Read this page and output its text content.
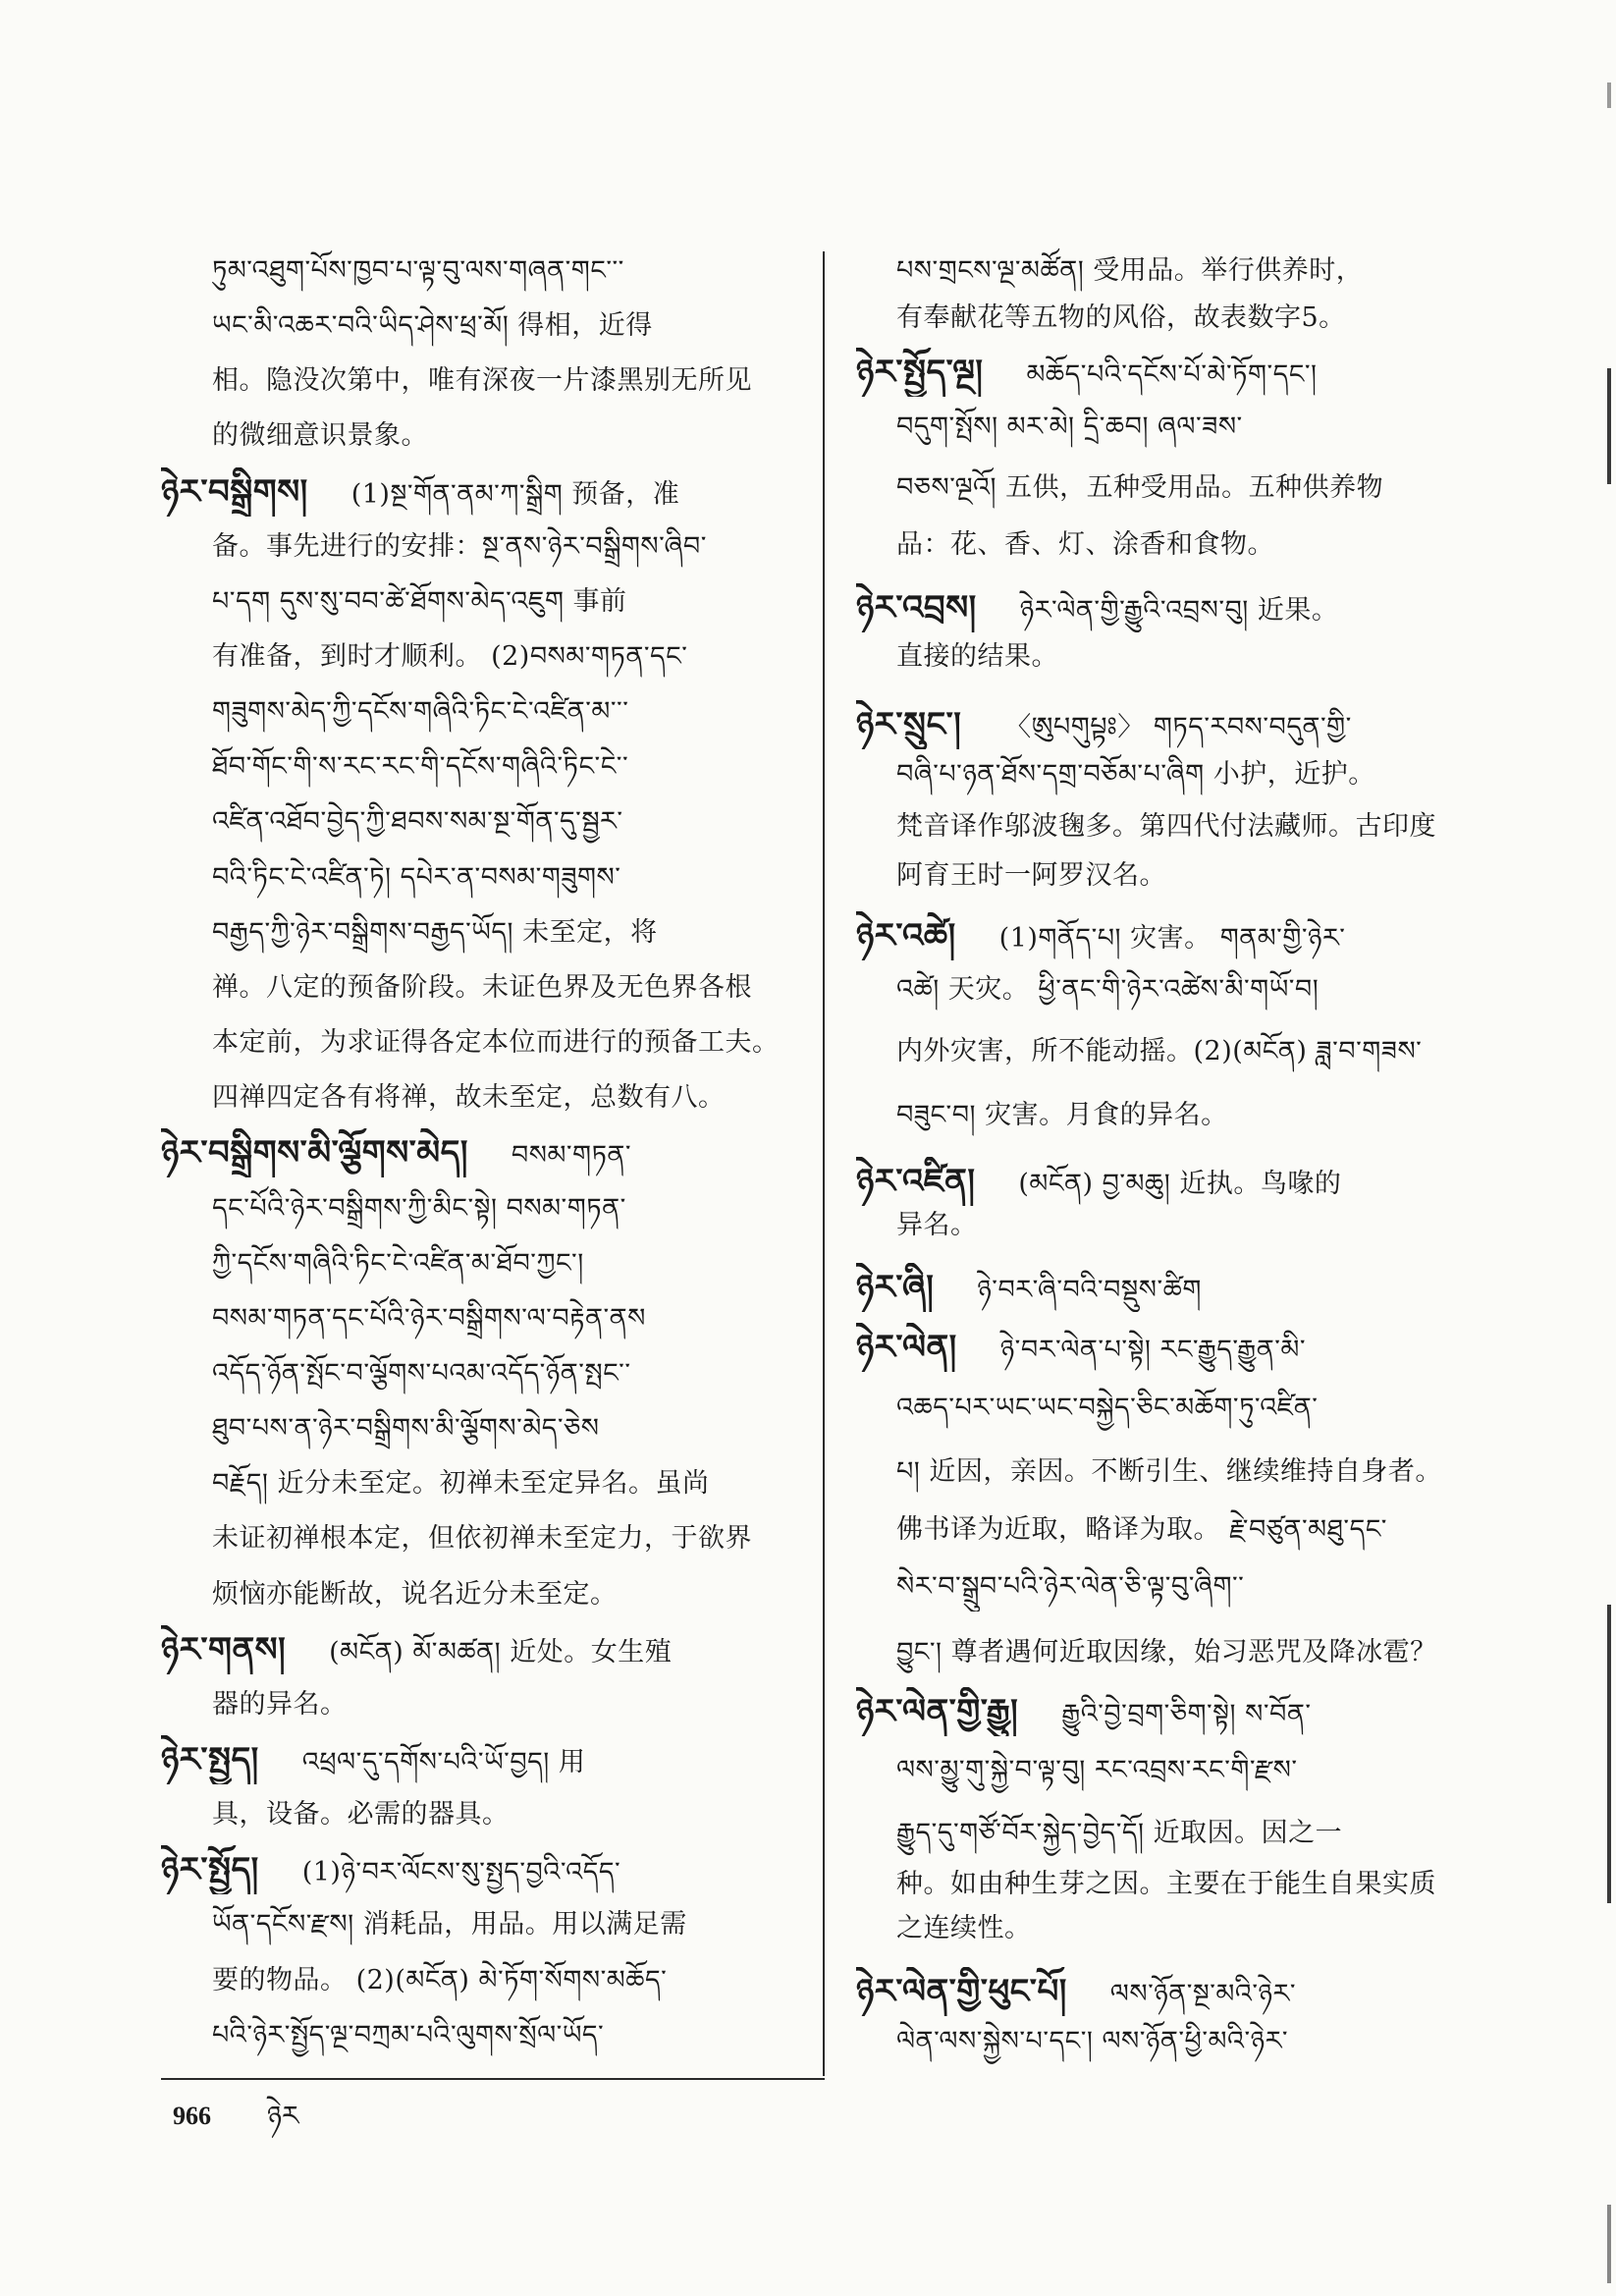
ཏུམ་འཐུག་པོས་ཁྱབ་པ་ལྟ་བུ་ལས་གཞན་གང་་་
ཡང་མི་འཆར་བའི་ཡིད་ཤེས་ཕྲ་མོ། 得相，近得
相。隐没次第中，唯有深夜一片漆黑别无所见
的微细意识景象。
ཉེར་བསྒྲིགས། (1)སྔ་གོན་ནམ་ཀ་སྒྲིག 预备，准
备。事先进行的安排：སྔ་ནས་ཉེར་བསྒྲིགས་ཞིབ་
པ་དག དུས་སུ་བབ་ཚེ་ཐོགས་མེད་འཇུག 事前
有准备，到时才顺利。 (2)བསམ་གཏན་དང་
གཟུགས་མེད་ཀྱི་དངོས་གཞིའི་ཏིང་ངེ་འཛིན་མ་་་
ཐོབ་གོང་གི་ས་རང་རང་གི་དངོས་གཞིའི་ཏིང་ངེ་་
འཛིན་འཐོབ་བྱེད་ཀྱི་ཐབས་སམ་སྔ་གོན་དུ་སྦྱར་
བའི་ཏིང་ངེ་འཛིན་ཏེ། དཔེར་ན་བསམ་གཟུགས་
བརྒྱད་ཀྱི་ཉེར་བསྒྲིགས་བརྒྱད་ཡོད། 未至定，将
禅。八定的预备阶段。未证色界及无色界各根
本定前，为求证得各定本位而进行的预备工夫。
四禅四定各有将禅，故未至定，总数有八。
ཉེར་བསྒྲིགས་མི་ལྕོགས་མེད། བསམ་གཏན་
དང་པོའི་ཉེར་བསྒྲིགས་ཀྱི་མིང་སྟེ། བསམ་གཏན་
ཀྱི་དངོས་གཞིའི་ཏིང་ངེ་འཛིན་མ་ཐོབ་ཀྱང་།
བསམ་གཏན་དང་པོའི་ཉེར་བསྒྲིགས་ལ་བརྟེན་ནས
འདོད་ཉོན་སྤོང་བ་ལྕོགས་པའམ་འདོད་ཉོན་སྤང་་
ཐུབ་པས་ན་ཉེར་བསྒྲིགས་མི་ལྕོགས་མེད་ཅེས
བརྗོད། 近分未至定。初禅未至定异名。虽尚
未证初禅根本定，但依初禅未至定力，于欲界
烦恼亦能断故，说名近分未至定。
ཉེར་གནས། (མངོན) མོ་མཚན། 近处。女生殖
器的异名。
ཉེར་སྤྱད། འཕྲལ་དུ་དགོས་པའི་ཡོ་བྱད། 用
具，设备。必需的器具。
ཉེར་སྤྱོད། (1)ཉེ་བར་ལོངས་སུ་སྤྱད་བྱའི་འདོད་
ཡོན་དངོས་རྫས། 消耗品，用品。用以满足需
要的物品。 (2)(མངོན) མེ་ཏོག་སོགས་མཆོད་
པའི་ཉེར་སྤྱོད་ལྔ་བཀྲམ་པའི་ལུགས་སྲོལ་ཡོད་
པས་གྲངས་ལྔ་མཚོན། 受用品。举行供养时，
有奉献花等五物的风俗，故表数字5。
ཉེར་སྤྱོད་ལྔ། མཆོད་པའི་དངོས་པོ་མེ་ཏོག་དང་།
བདུག་སྤོས། མར་མེ། དྲི་ཆབ། ཞལ་ཟས་
བཅས་ལྔའོ། 五供，五种受用品。五种供养物
品：花、香、灯、涂香和食物。
ཉེར་འབྲས། ཉེར་ལེན་གྱི་རྒྱུའི་འབྲས་བུ། 近果。
直接的结果。
ཉེར་སྲུང་། 〈ཨུཔགུཔྟཿ〉 གཏད་རབས་བདུན་གྱི་
བཞི་པ་ཉན་ཐོས་དགྲ་བཅོམ་པ་ཞིག 小护，近护。
梵音译作邬波毱多。第四代付法藏师。古印度
阿育王时一阿罗汉名。
ཉེར་འཚེ། (1)གནོད་པ། 灾害。 གནམ་གྱི་ཉེར་
འཚེ། 天灾。 ཕྱི་ནང་གི་ཉེར་འཚེས་མི་གཡོ་བ།
内外灾害，所不能动摇。(2)(མངོན) ཟླ་བ་གཟས་
བཟུང་བ། 灾害。月食的异名。
ཉེར་འཛིན། (མངོན) བྱ་མཆུ། 近执。鸟喙的
异名。
ཉེར་ཞི། ཉེ་བར་ཞི་བའི་བསྡུས་ཚིག
ཉེར་ལེན། ཉེ་བར་ལེན་པ་སྟེ། རང་རྒྱུད་རྒྱུན་མི་
འཆད་པར་ཡང་ཡང་བསྐྱེད་ཅིང་མཆོག་ཏུ་འཛིན་
པ། 近因，亲因。不断引生、继续维持自身者。
佛书译为近取，略译为取。 རྗེ་བཙུན་མཐུ་དང་
སེར་བ་སྒྲུབ་པའི་ཉེར་ལེན་ཅི་ལྟ་བུ་ཞིག་་
བྱུང་། 尊者遇何近取因缘，始习恶咒及降冰雹？
ཉེར་ལེན་གྱི་རྒྱུ། རྒྱུའི་བྱེ་བྲག་ཅིག་སྟེ། ས་བོན་
ལས་མྱུ་གུ་སྐྱེ་བ་ལྟ་བུ། རང་འབྲས་རང་གི་རྫས་
རྒྱུད་དུ་གཙོ་བོར་སྐྱེད་བྱེད་དོ། 近取因。因之一
种。如由种生芽之因。主要在于能生自果实质
之连续性。
ཉེར་ལེན་གྱི་ཕུང་པོ། ལས་ཉོན་སྔ་མའི་ཉེར་
ལེན་ལས་སྐྱེས་པ་དང་། ལས་ཉོན་ཕྱི་མའི་ཉེར་
966 ཉེར
